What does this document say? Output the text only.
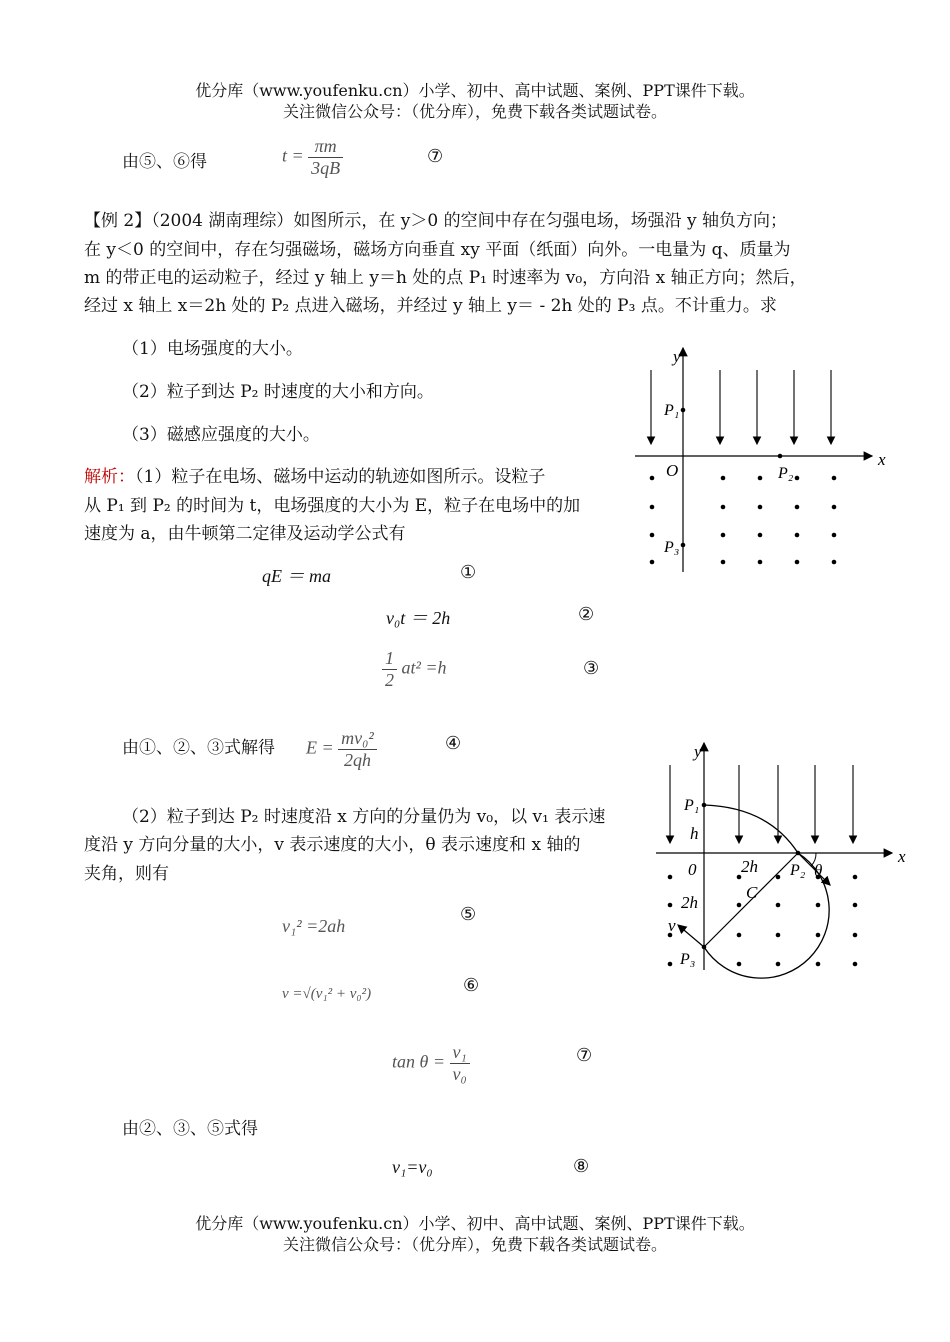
优分库（www.youfenku.cn）小学、初中、高中试题、案例、PPT课件下载。
关注微信公众号：（优分库），免费下载各类试题试卷。
由⑤、⑥得	$t = \frac{\pi m}{3qB}$	⑦
【例 2】（2004 湖南理综）如图所示，在 y＞0 的空间中存在匀强电场，场强沿 y 轴负方向；
在 y＜0 的空间中，存在匀强磁场，磁场方向垂直 xy 平面（纸面）向外。一电量为 q、质量为
m 的带正电的运动粒子，经过 y 轴上 y＝h 处的点 P₁ 时速率为 v₀，方向沿 x 轴正方向；然后，
经过 x 轴上 x＝2h 处的 P₂ 点进入磁场，并经过 y 轴上 y＝ - 2h 处的 P₃ 点。不计重力。求
（1）电场强度的大小。
（2）粒子到达 P₂ 时速度的大小和方向。
（3）磁感应强度的大小。
解析：（1）粒子在电场、磁场中运动的轨迹如图所示。设粒子
从 P₁ 到 P₂ 的时间为 t，电场强度的大小为 E，粒子在电场中的加
速度为 a，由牛顿第二定律及运动学公式有
qE ＝ ma	①
v₀t ＝ 2h	②
$\frac{1}{2} at^2 =h$	③
由①、②、③式解得 $E = \frac{\text{mv₀²}}{2qh}$	④
（2）粒子到达 P₂ 时速度沿 x 方向的分量仍为 v₀，以 v₁ 表示速
度沿 y 方向分量的大小，v 表示速度的大小，θ 表示速度和 x 轴的
夹角，则有
v₁² =2ah
⑤
v =√(v₁² + v₀²)	⑥
$\tan \theta = \frac{\text{v₁}}{\text{v₀}}$	⑦
由②、③、⑤式得
v₁=v₀	⑧
y
x
O
P₁
P₂
P₃
y
x
0
P₁
h
2h P₂ θ
2h
C
v
P₃
优分库（www.youfenku.cn）小学、初中、高中试题、案例、PPT课件下载。
关注微信公众号：（优分库），免费下载各类试题试卷。
